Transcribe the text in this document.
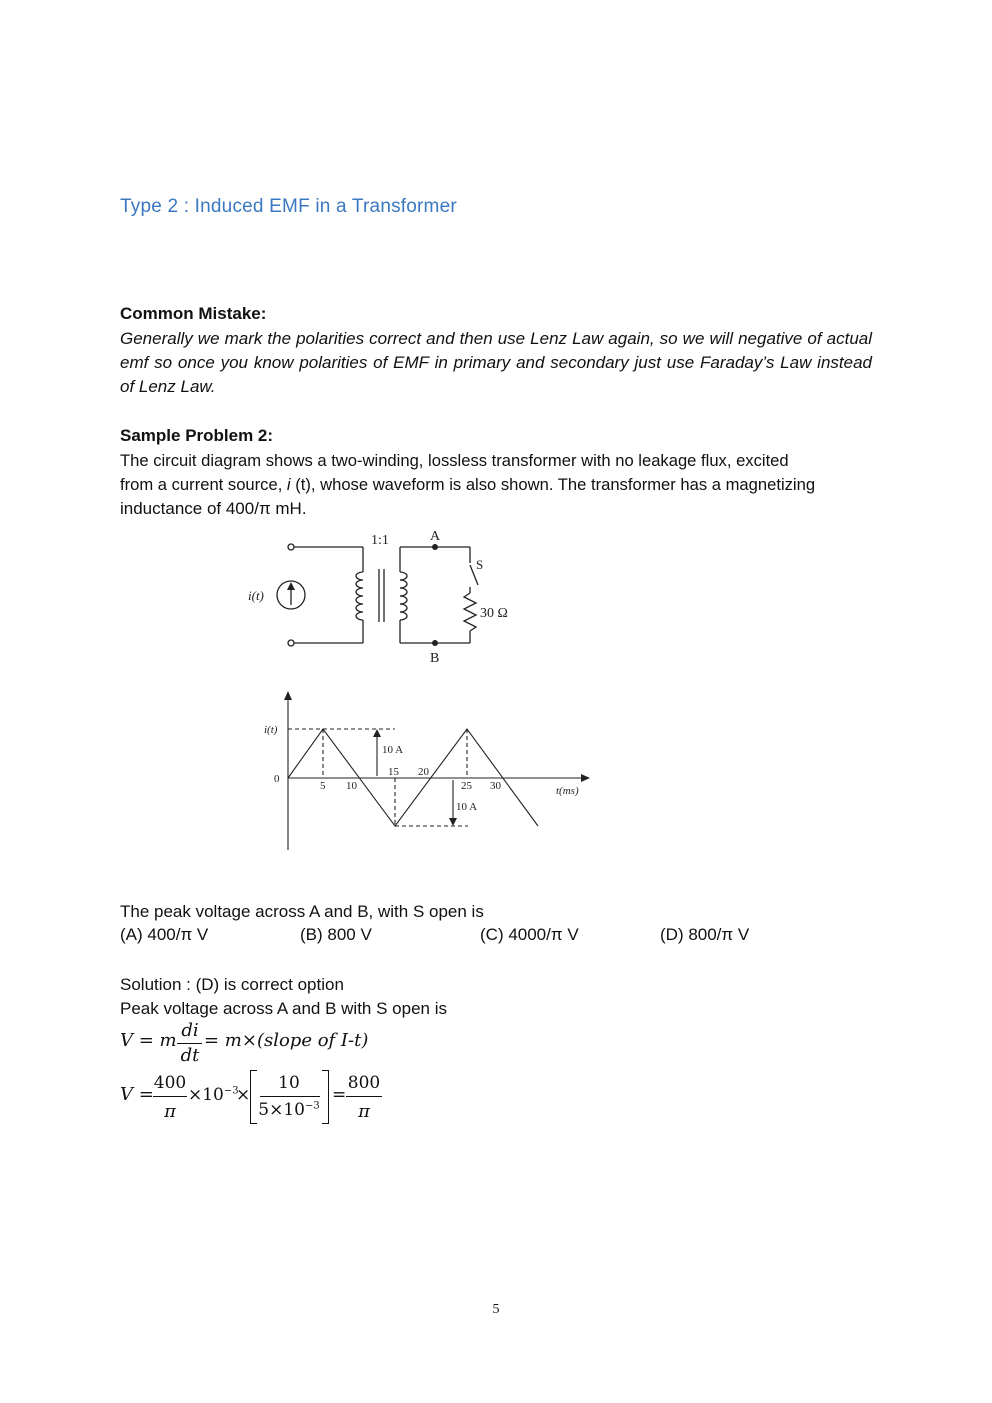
Type 2 : Induced EMF in a Transformer
Common Mistake:
Generally we mark the polarities correct and then use Lenz Law again, so we will negative of actual emf so once you know polarities of EMF in primary and secondary just use Faraday’s Law instead of Lenz Law.
Sample Problem 2:
The circuit diagram shows a two-winding, lossless transformer with no leakage flux, excited
from a current source, i (t), whose waveform is also shown. The transformer has a magnetizing
inductance of 400/π mH.
1:1	A
B
S
i(t)
30 Ω
i(t)
0
5 10	25 30
15 20
10 A
10 A
t(ms)
The peak voltage across A and B, with S open is
(A) 400/π V	(B) 800 V	(C) 4000/π V	(D) 800/π V
Solution : (D) is correct option
Peak voltage across A and B with S open is
V = m di
dt
= m×(slope of I-t)
V =
400
π
$\times 10^{-3}$
×
10
$5\times 10^{-3}$
=
800
π
5
